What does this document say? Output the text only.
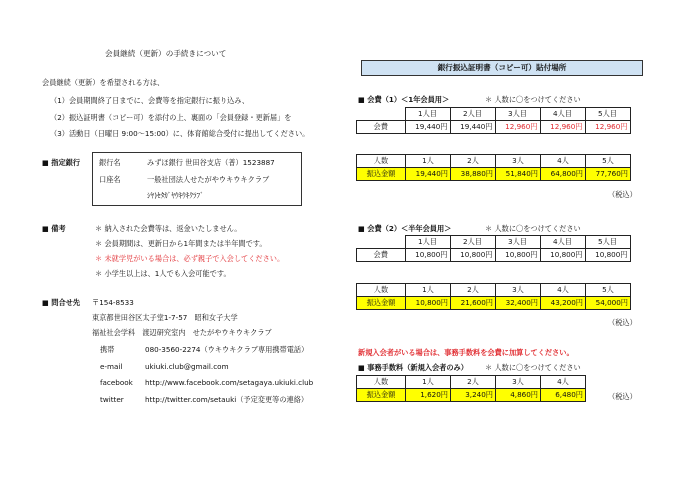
会員継続（更新）の手続きについて
会員継続（更新）を希望される方は、
（1）会員期間終了日までに、会費等を指定銀行に振り込み、
（2）振込証明書（コピー可）を添付の上、裏面の「会員登録・更新届」を
（3）活動日（日曜日 9:00～15:00）に、体育館総合受付に提出してください。
■ 指定銀行	銀行名	みずほ銀行 世田谷支店（普）1523887
口座名	一般社団法人せたがやウキウキクラブ
ｼﾔ)ｾﾀｶﾞﾔｳｷｳｷｸﾗﾌﾞ
■ 備考	＊ 納入された会費等は、返金いたしません。
＊ 会員期間は、更新日から1年間または半年間です。
＊ 未就学児がいる場合は、必ず親子で入会してください。
＊ 小学生以上は、1人でも入会可能です。
■ 問合せ先 〒154-8533
東京都世田谷区太子堂1-7-57　昭和女子大学
福祉社会学科　渡辺研究室内　せたがやウキウキクラブ
携帯	080-3560-2274（ウキウキクラブ専用携帯電話）
e-mail	ukiuki.club@gmail.com
facebook http://www.facebook.com/setagaya.ukiuki.club
twitter	http://twitter.com/setauki（予定変更等の連絡）
銀行振込証明書（コピー可）貼付場所
■ 会費（1）＜1年会員用＞	＊ 人数に〇をつけてください
	1人目	2人目	3人目	4人目	5人目
会費	19,440円	19,440円	12,960円	12,960円	12,960円
人数	1人	2人	3人	4人	5人
振込金額	19,440円	38,880円	51,840円	64,800円	77,760円
（税込）
■ 会費（2）＜半年会員用＞	＊ 人数に〇をつけてください
	1人目	2人目	3人目	4人目	5人目
会費	10,800円	10,800円	10,800円	10,800円	10,800円
人数	1人	2人	3人	4人	5人
振込金額	10,800円	21,600円	32,400円	43,200円	54,000円
（税込）
新規入会者がいる場合は、事務手数料を会費に加算してください。
■ 事務手数料（新規入会者のみ） ＊ 人数に〇をつけてください
人数	1人	2人	3人	4人
振込金額	1,620円	3,240円	4,860円	6,480円	（税込）
